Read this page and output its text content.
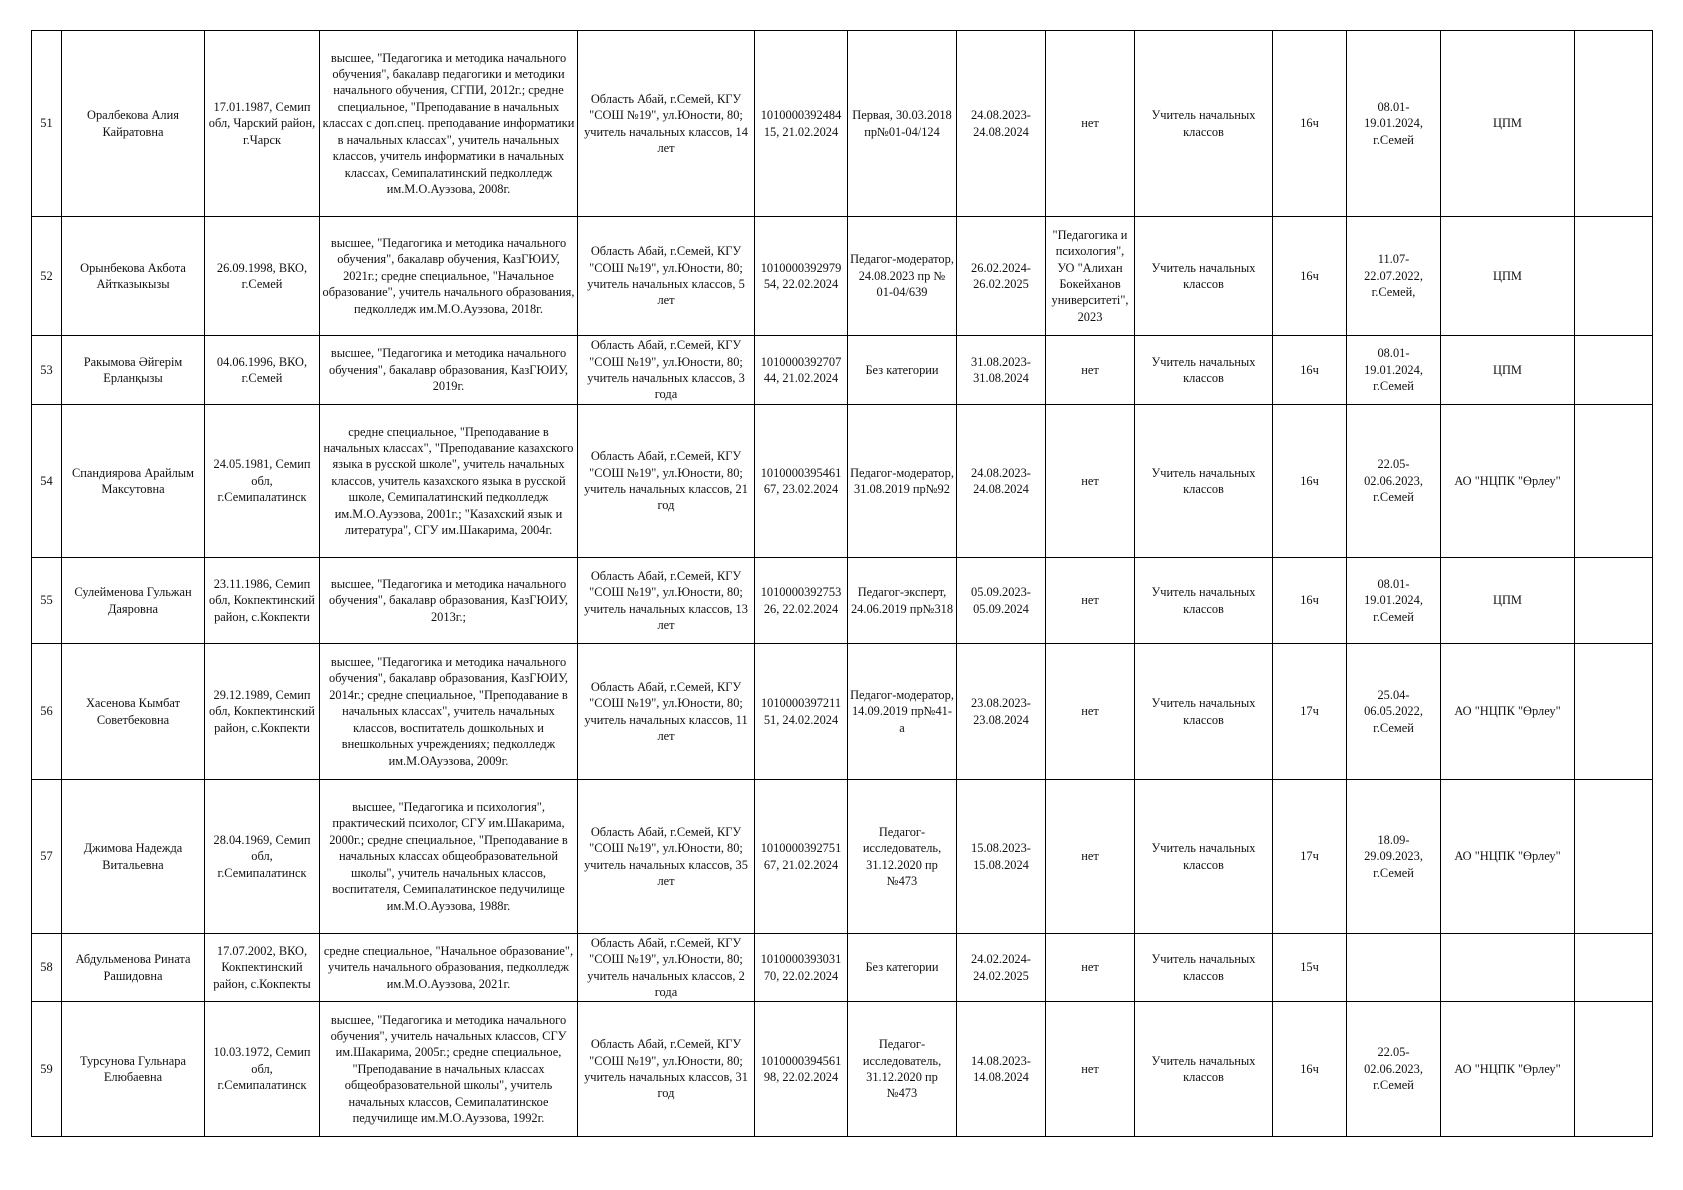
51	Оралбекова Алия Кайратовна	17.01.1987, Семип обл, Чарский район, г.Чарск	высшее, "Педагогика и методика начального обучения", бакалавр педагогики и методики начального обучения, СГПИ, 2012г.; средне специальное, "Преподавание в начальных классах с доп.спец. преподавание информатики в начальных классах", учитель начальных классов, учитель информатики в начальных классах, Семипалатинский педколледж им.М.О.Ауэзова, 2008г.	Область Абай, г.Семей, КГУ "СОШ №19", ул.Юности, 80; учитель начальных классов, 14 лет	1010000392484 15, 21.02.2024	Первая, 30.03.2018 пр№01-04/124	24.08.2023- 24.08.2024	нет	Учитель начальных классов	16ч	08.01- 19.01.2024, г.Семей	ЦПМ	
52	Орынбекова Акбота Айтказыкызы	26.09.1998, ВКО, г.Семей	высшее, "Педагогика и методика начального обучения", бакалавр обучения, КазГЮИУ, 2021г.; средне специальное, "Начальное образование", учитель начального образования, педколледж им.М.О.Ауэзова, 2018г.	Область Абай, г.Семей, КГУ "СОШ №19", ул.Юности, 80; учитель начальных классов, 5 лет	1010000392979 54, 22.02.2024	Педагог-модератор, 24.08.2023 пр № 01-04/639	26.02.2024- 26.02.2025	"Педагогика и психология", УО "Алихан Бокейханов университеті", 2023	Учитель начальных классов	16ч	11.07- 22.07.2022, г.Семей,	ЦПМ	
53	Ракымова Әйгерім Ерланқызы	04.06.1996, ВКО, г.Семей	высшее, "Педагогика и методика начального обучения", бакалавр образования, КазГЮИУ, 2019г.	Область Абай, г.Семей, КГУ "СОШ №19", ул.Юности, 80; учитель начальных классов, 3 года	1010000392707 44, 21.02.2024	Без категории	31.08.2023- 31.08.2024	нет	Учитель начальных классов	16ч	08.01- 19.01.2024, г.Семей	ЦПМ	
54	Спандиярова Арайлым Максутовна	24.05.1981, Семип обл, г.Семипалатинск	средне специальное, "Преподавание в начальных классах", "Преподавание казахского языка в русской школе", учитель начальных классов, учитель казахского языка в русской школе, Семипалатинский педколледж им.М.О.Ауэзова, 2001г.; "Казахский язык и литература", СГУ им.Шакарима, 2004г.	Область Абай, г.Семей, КГУ "СОШ №19", ул.Юности, 80; учитель начальных классов, 21 год	1010000395461 67, 23.02.2024	Педагог-модератор, 31.08.2019 пр№92	24.08.2023- 24.08.2024	нет	Учитель начальных классов	16ч	22.05- 02.06.2023, г.Семей	АО "НЦПК "Өрлеу"	
55	Сулейменова Гульжан Даяровна	23.11.1986, Семип обл, Кокпектинский район, с.Кокпекти	высшее, "Педагогика и методика начального обучения", бакалавр образования, КазГЮИУ, 2013г.;	Область Абай, г.Семей, КГУ "СОШ №19", ул.Юности, 80; учитель начальных классов, 13 лет	1010000392753 26, 22.02.2024	Педагог-эксперт, 24.06.2019 пр№318	05.09.2023- 05.09.2024	нет	Учитель начальных классов	16ч	08.01- 19.01.2024, г.Семей	ЦПМ	
56	Хасенова Кымбат Советбековна	29.12.1989, Семип обл, Кокпектинский район, с.Кокпекти	высшее, "Педагогика и методика начального обучения", бакалавр образования, КазГЮИУ, 2014г.; средне специальное, "Преподавание в начальных классах", учитель начальных классов, воспитатель дошкольных и внешкольных учреждениях; педколледж им.М.ОАуэзова, 2009г.	Область Абай, г.Семей, КГУ "СОШ №19", ул.Юности, 80; учитель начальных классов, 11 лет	1010000397211 51, 24.02.2024	Педагог-модератор, 14.09.2019 пр№41-а	23.08.2023- 23.08.2024	нет	Учитель начальных классов	17ч	25.04- 06.05.2022, г.Семей	АО "НЦПК "Өрлеу"	
57	Джимова Надежда Витальевна	28.04.1969, Семип обл, г.Семипалатинск	высшее, "Педагогика и психология", практический психолог, СГУ им.Шакарима, 2000г.; средне специальное, "Преподавание в начальных классах общеобразовательной школы", учитель начальных классов, воспитателя, Семипалатинское педучилище им.М.О.Ауэзова, 1988г.	Область Абай, г.Семей, КГУ "СОШ №19", ул.Юности, 80; учитель начальных классов, 35 лет	1010000392751 67, 21.02.2024	Педагог-исследователь, 31.12.2020 пр №473	15.08.2023- 15.08.2024	нет	Учитель начальных классов	17ч	18.09- 29.09.2023, г.Семей	АО "НЦПК "Өрлеу"	
58	Абдульменова Рината Рашидовна	17.07.2002, ВКО, Кокпектинский район, с.Кокпекты	средне специальное, "Начальное образование", учитель начального образования, педколледж им.М.О.Ауэзова, 2021г.	Область Абай, г.Семей, КГУ "СОШ №19", ул.Юности, 80; учитель начальных классов, 2 года	1010000393031 70, 22.02.2024	Без категории	24.02.2024- 24.02.2025	нет	Учитель начальных классов	15ч			
59	Турсунова Гульнара Елюбаевна	10.03.1972, Семип обл, г.Семипалатинск	высшее, "Педагогика и методика начального обучения", учитель начальных классов, СГУ им.Шакарима, 2005г.; средне специальное, "Преподавание в начальных классах общеобразовательной школы", учитель начальных классов, Семипалатинское педучилище им.М.О.Ауэзова, 1992г.	Область Абай, г.Семей, КГУ "СОШ №19", ул.Юности, 80; учитель начальных классов, 31 год	1010000394561 98, 22.02.2024	Педагог-исследователь, 31.12.2020 пр №473	14.08.2023- 14.08.2024	нет	Учитель начальных классов	16ч	22.05- 02.06.2023, г.Семей	АО "НЦПК "Өрлеу"	
